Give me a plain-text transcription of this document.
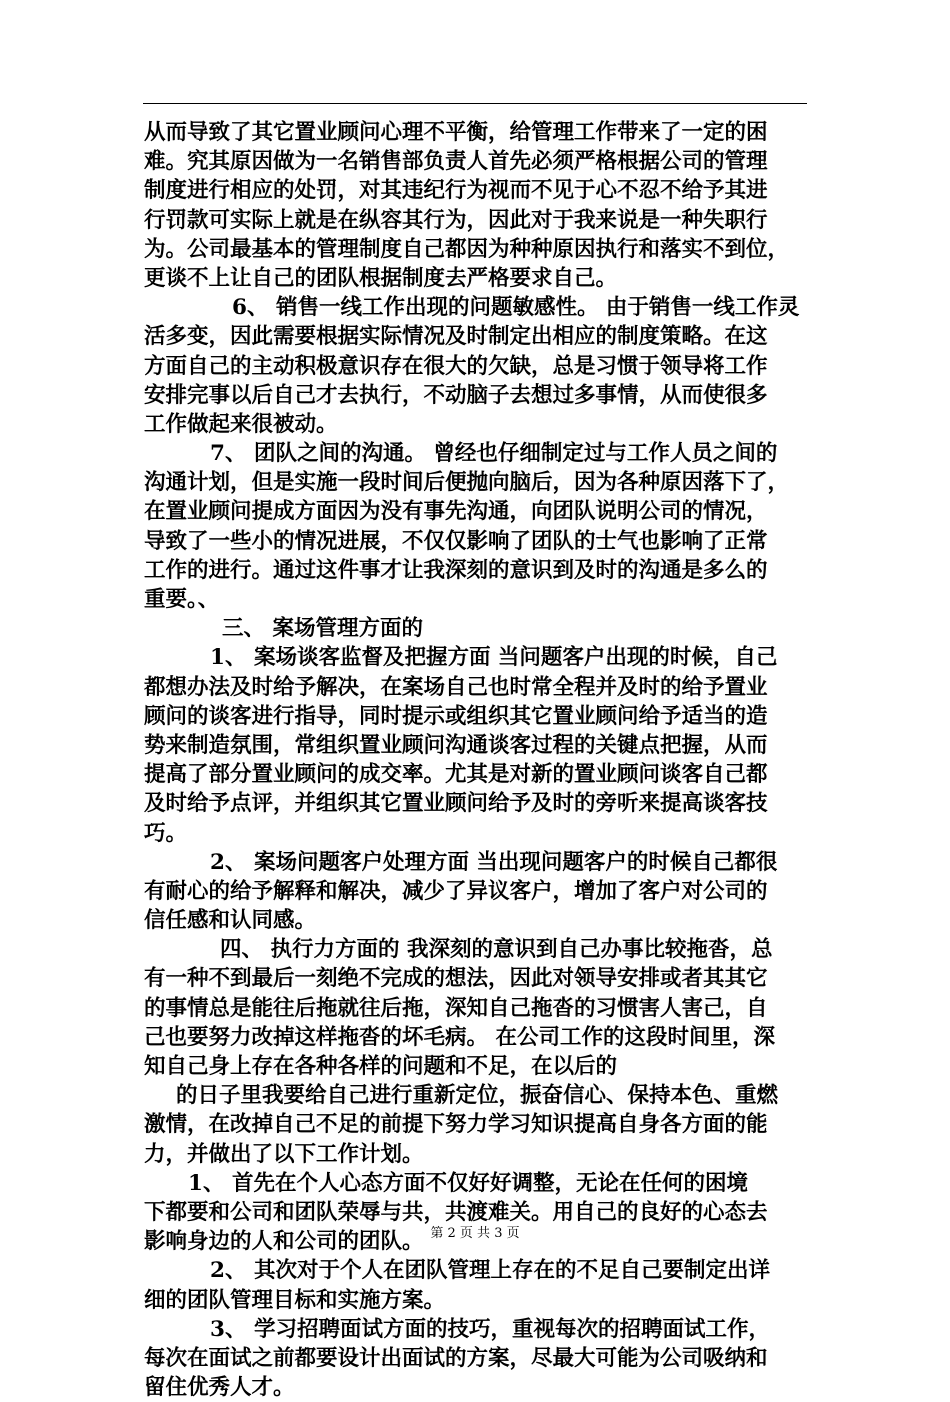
从而导致了其它置业顾问心理不平衡，给管理工作带来了一定的困
难。究其原因做为一名销售部负责人首先必须严格根据公司的管理
制度进行相应的处罚，对其违纪行为视而不见于心不忍不给予其进
行罚款可实际上就是在纵容其行为，因此对于我来说是一种失职行
为。公司最基本的管理制度自己都因为种种原因执行和落实不到位，
更谈不上让自己的团队根据制度去严格要求自己。
6、 销售一线工作出现的问题敏感性。 由于销售一线工作灵
活多变，因此需要根据实际情况及时制定出相应的制度策略。在这
方面自己的主动积极意识存在很大的欠缺，总是习惯于领导将工作
安排完事以后自己才去执行，不动脑子去想过多事情，从而使很多
工作做起来很被动。
7、 团队之间的沟通。 曾经也仔细制定过与工作人员之间的
沟通计划，但是实施一段时间后便抛向脑后，因为各种原因落下了，
在置业顾问提成方面因为没有事先沟通，向团队说明公司的情况，
导致了一些小的情况进展，不仅仅影响了团队的士气也影响了正常
工作的进行。通过这件事才让我深刻的意识到及时的沟通是多么的
重要。、
三、 案场管理方面的
1、 案场谈客监督及把握方面 当问题客户出现的时候，自己
都想办法及时给予解决，在案场自己也时常全程并及时的给予置业
顾问的谈客进行指导，同时提示或组织其它置业顾问给予适当的造
势来制造氛围，常组织置业顾问沟通谈客过程的关键点把握，从而
提高了部分置业顾问的成交率。尤其是对新的置业顾问谈客自己都
及时给予点评，并组织其它置业顾问给予及时的旁听来提高谈客技
巧。
2、 案场问题客户处理方面 当出现问题客户的时候自己都很
有耐心的给予解释和解决，减少了异议客户，增加了客户对公司的
信任感和认同感。
四、 执行力方面的 我深刻的意识到自己办事比较拖沓，总
有一种不到最后一刻绝不完成的想法，因此对领导安排或者其其它
的事情总是能往后拖就往后拖，深知自己拖沓的习惯害人害己，自
己也要努力改掉这样拖沓的坏毛病。 在公司工作的这段时间里，深
知自己身上存在各种各样的问题和不足，在以后的
的日子里我要给自己进行重新定位，振奋信心、保持本色、重燃
激情，在改掉自己不足的前提下努力学习知识提高自身各方面的能
力，并做出了以下工作计划。
1、 首先在个人心态方面不仅好好调整，无论在任何的困境
下都要和公司和团队荣辱与共，共渡难关。用自己的良好的心态去
影响身边的人和公司的团队。
2、 其次对于个人在团队管理上存在的不足自己要制定出详
细的团队管理目标和实施方案。
3、 学习招聘面试方面的技巧，重视每次的招聘面试工作，
每次在面试之前都要设计出面试的方案，尽最大可能为公司吸纳和
留住优秀人才。
第 2 页 共 3 页
